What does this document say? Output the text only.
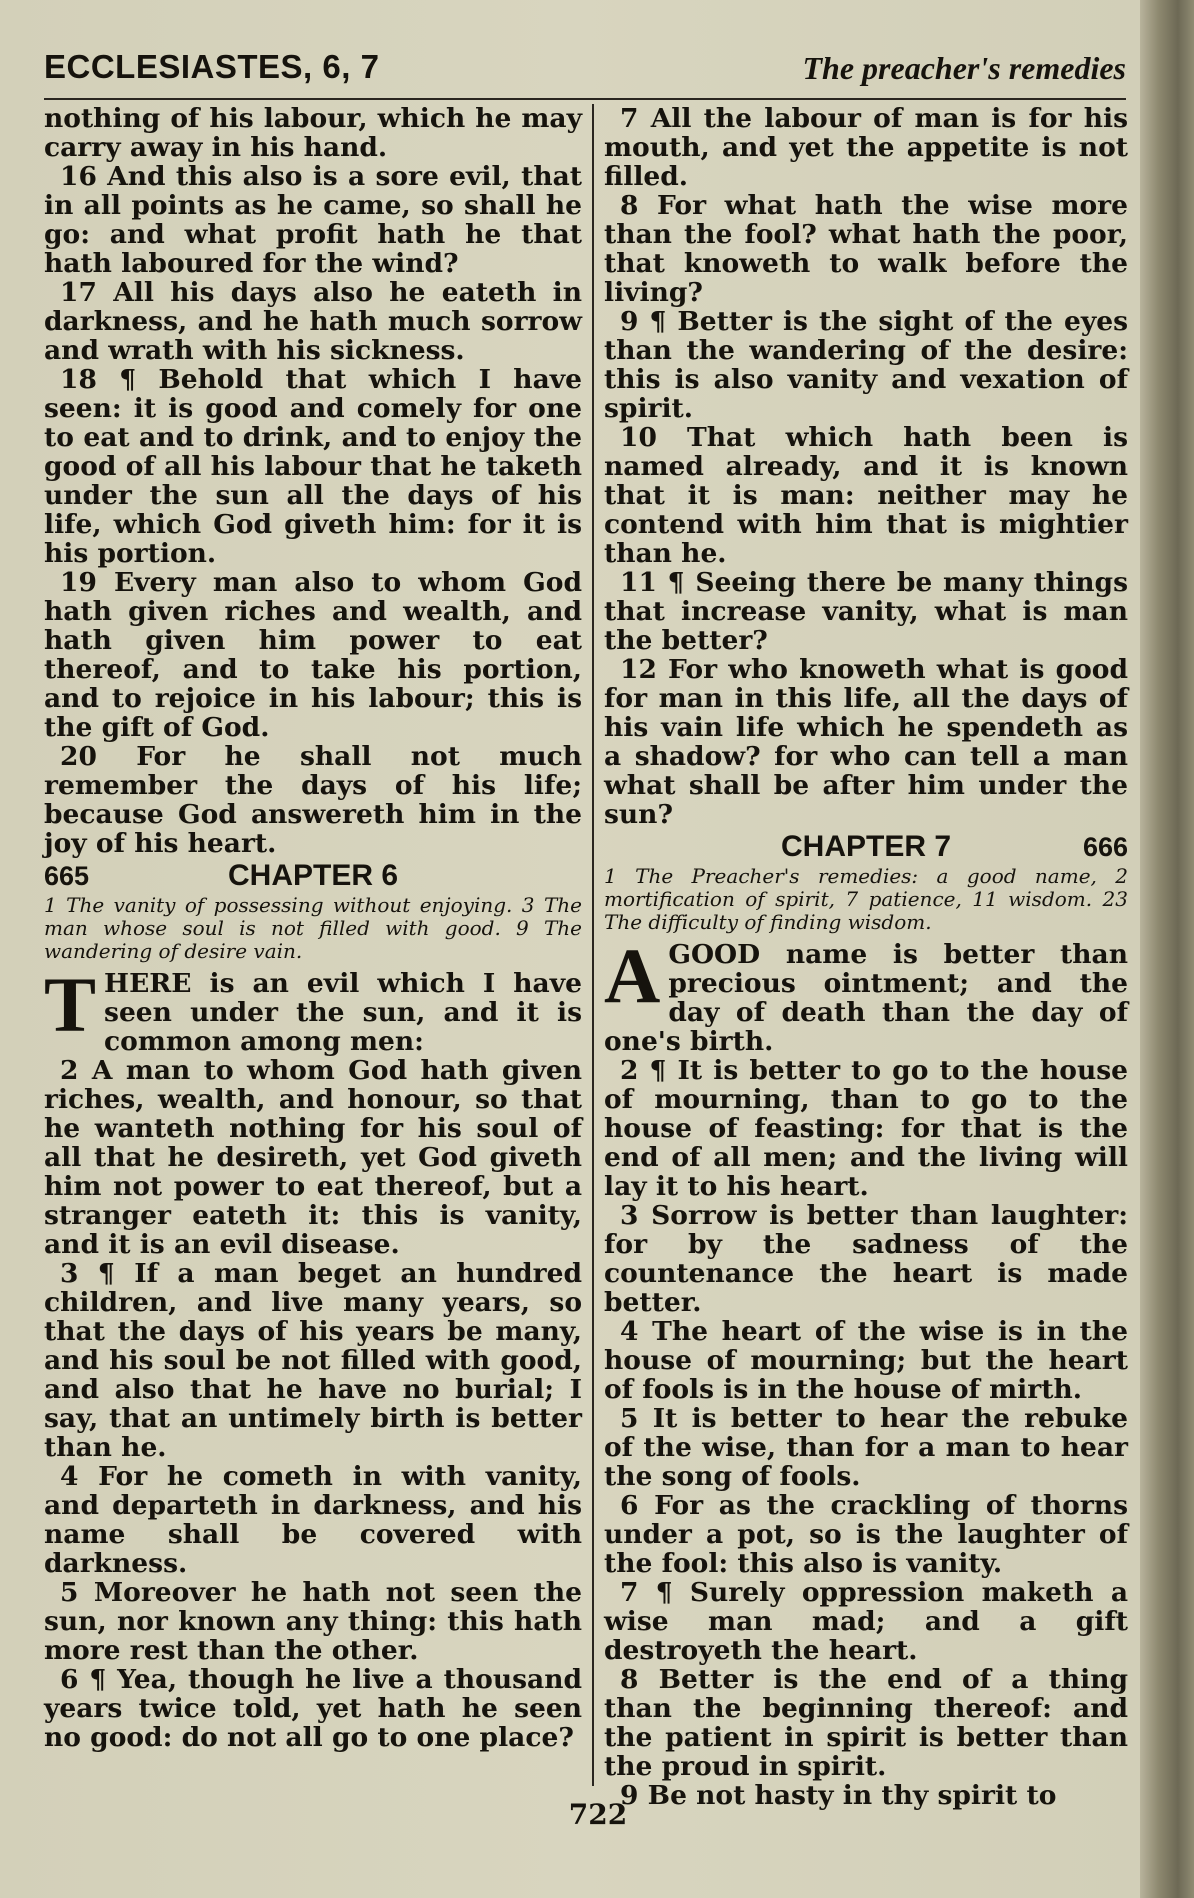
ECCLESIASTES, 6, 7	The preacher's remedies

nothing of his labour, which he may carry away in his hand.

16 And this also is a sore evil, that in all points as he came, so shall he go: and what profit hath he that hath laboured for the wind?

17 All his days also he eateth in darkness, and he hath much sorrow and wrath with his sickness.

18 ¶ Behold that which I have seen: it is good and comely for one to eat and to drink, and to enjoy the good of all his labour that he taketh under the sun all the days of his life, which God giveth him: for it is his portion.

19 Every man also to whom God hath given riches and wealth, and hath given him power to eat thereof, and to take his portion, and to rejoice in his labour; this is the gift of God.

20 For he shall not much remember the days of his life; because God answereth him in the joy of his heart.

665	CHAPTER 6

1 The vanity of possessing without enjoying. 3 The man whose soul is not filled with good. 9 The wandering of desire vain.

T HERE is an evil which I have seen under the sun, and it is common among men:

2 A man to whom God hath given riches, wealth, and honour, so that he wanteth nothing for his soul of all that he desireth, yet God giveth him not power to eat thereof, but a stranger eateth it: this is vanity, and it is an evil disease.

3 ¶ If a man beget an hundred children, and live many years, so that the days of his years be many, and his soul be not filled with good, and also that he have no burial; I say, that an untimely birth is better than he.

4 For he cometh in with vanity, and departeth in darkness, and his name shall be covered with darkness.

5 Moreover he hath not seen the sun, nor known any thing: this hath more rest than the other.

6 ¶ Yea, though he live a thousand years twice told, yet hath he seen no good: do not all go to one place?

7 All the labour of man is for his mouth, and yet the appetite is not filled.

8 For what hath the wise more than the fool? what hath the poor, that knoweth to walk before the living?

9 ¶ Better is the sight of the eyes than the wandering of the desire: this is also vanity and vexation of spirit.

10 That which hath been is named already, and it is known that it is man: neither may he contend with him that is mightier than he.

11 ¶ Seeing there be many things that increase vanity, what is man the better?

12 For who knoweth what is good for man in this life, all the days of his vain life which he spendeth as a shadow? for who can tell a man what shall be after him under the sun?

CHAPTER 7	666

1 The Preacher's remedies: a good name, 2 mortification of spirit, 7 patience, 11 wisdom. 23 The difficulty of finding wisdom.

A GOOD name is better than precious ointment; and the day of death than the day of one's birth.

2 ¶ It is better to go to the house of mourning, than to go to the house of feasting: for that is the end of all men; and the living will lay it to his heart.

3 Sorrow is better than laughter: for by the sadness of the countenance the heart is made better.

4 The heart of the wise is in the house of mourning; but the heart of fools is in the house of mirth.

5 It is better to hear the rebuke of the wise, than for a man to hear the song of fools.

6 For as the crackling of thorns under a pot, so is the laughter of the fool: this also is vanity.

7 ¶ Surely oppression maketh a wise man mad; and a gift destroyeth the heart.

8 Better is the end of a thing than the beginning thereof: and the patient in spirit is better than the proud in spirit.

9 Be not hasty in thy spirit to

722
